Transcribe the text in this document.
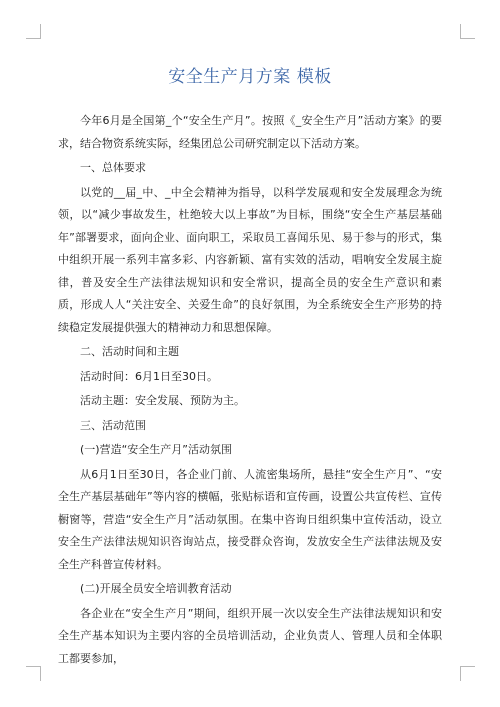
安全生产月方案 模板

今年6月是全国第_个“安全生产月”。按照《_安全生产月”活动方案》的要求，结合物资系统实际，经集团总公司研究制定以下活动方案。

一、总体要求

以党的__届_中、_中全会精神为指导，以科学发展观和安全发展理念为统领，以“减少事故发生，杜绝较大以上事故”为目标，围绕“安全生产基层基础年”部署要求，面向企业、面向职工，采取员工喜闻乐见、易于参与的形式，集中组织开展一系列丰富多彩、内容新颖、富有实效的活动，唱响安全发展主旋律，普及安全生产法律法规知识和安全常识，提高全员的安全生产意识和素质，形成人人“关注安全、关爱生命”的良好氛围，为全系统安全生产形势的持续稳定发展提供强大的精神动力和思想保障。

二、活动时间和主题

活动时间：6月1日至30日。

活动主题：安全发展、预防为主。

三、活动范围

(一)营造“安全生产月”活动氛围

从6月1日至30日，各企业门前、人流密集场所，悬挂“安全生产月”、“安全生产基层基础年”等内容的横幅，张贴标语和宣传画，设置公共宣传栏、宣传橱窗等，营造“安全生产月”活动氛围。在集中咨询日组织集中宣传活动，设立安全生产法律法规知识咨询站点，接受群众咨询，发放安全生产法律法规及安全生产科普宣传材料。

(二)开展全员安全培训教育活动

各企业在“安全生产月”期间，组织开展一次以安全生产法律法规知识和安全生产基本知识为主要内容的全员培训活动，企业负责人、管理人员和全体职工都要参加，
